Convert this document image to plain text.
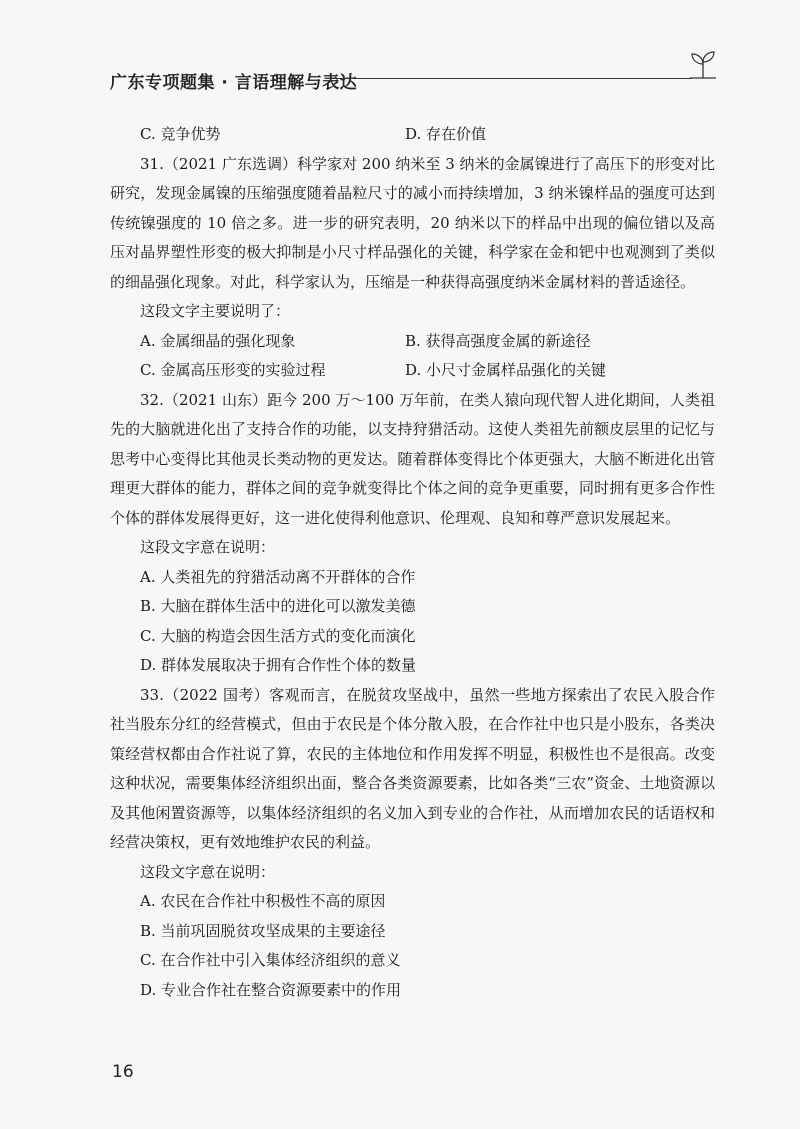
广东专项题集 · 言语理解与表达
C. 竞争优势	D. 存在价值

31.（2021 广东选调）科学家对 200 纳米至 3 纳米的金属镍进行了高压下的形变对比研究，发现金属镍的压缩强度随着晶粒尺寸的减小而持续增加，3 纳米镍样品的强度可达到传统镍强度的 10 倍之多。进一步的研究表明，20 纳米以下的样品中出现的偏位错以及高压对晶界塑性形变的极大抑制是小尺寸样品强化的关键，科学家在金和钯中也观测到了类似的细晶强化现象。对此，科学家认为，压缩是一种获得高强度纳米金属材料的普适途径。

这段文字主要说明了：

A. 金属细晶的强化现象	B. 获得高强度金属的新途径
C. 金属高压形变的实验过程	D. 小尺寸金属样品强化的关键

32.（2021 山东）距今 200 万～100 万年前，在类人猿向现代智人进化期间，人类祖先的大脑就进化出了支持合作的功能，以支持狩猎活动。这使人类祖先前额皮层里的记忆与思考中心变得比其他灵长类动物的更发达。随着群体变得比个体更强大，大脑不断进化出管理更大群体的能力，群体之间的竞争就变得比个体之间的竞争更重要，同时拥有更多合作性个体的群体发展得更好，这一进化使得利他意识、伦理观、良知和尊严意识发展起来。

这段文字意在说明：

A. 人类祖先的狩猎活动离不开群体的合作

B. 大脑在群体生活中的进化可以激发美德

C. 大脑的构造会因生活方式的变化而演化

D. 群体发展取决于拥有合作性个体的数量

33.（2022 国考）客观而言，在脱贫攻坚战中，虽然一些地方探索出了农民入股合作社当股东分红的经营模式，但由于农民是个体分散入股，在合作社中也只是小股东，各类决策经营权都由合作社说了算，农民的主体地位和作用发挥不明显，积极性也不是很高。改变这种状况，需要集体经济组织出面，整合各类资源要素，比如各类“三农”资金、土地资源以及其他闲置资源等，以集体经济组织的名义加入到专业的合作社，从而增加农民的话语权和经营决策权，更有效地维护农民的利益。

这段文字意在说明：

A. 农民在合作社中积极性不高的原因

B. 当前巩固脱贫攻坚成果的主要途径

C. 在合作社中引入集体经济组织的意义

D. 专业合作社在整合资源要素中的作用

16
